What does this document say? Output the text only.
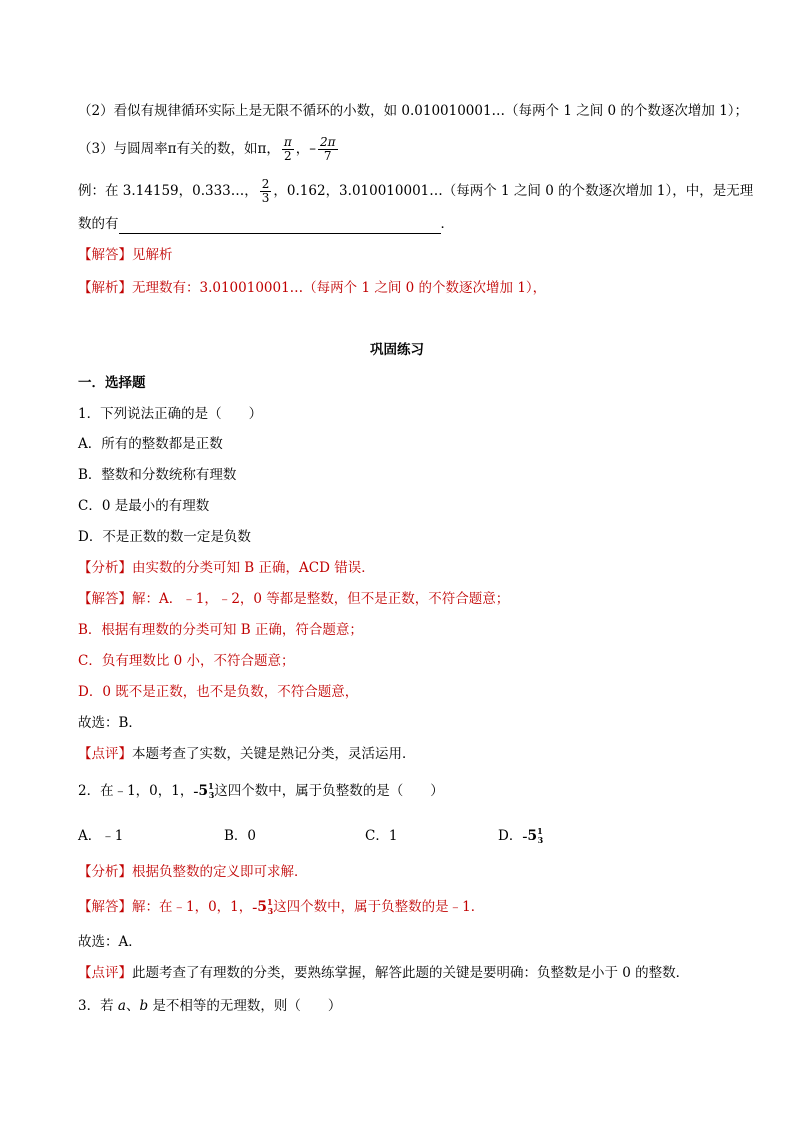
（2）看似有规律循环实际上是无限不循环的小数，如 0.010010001…（每两个 1 之间 0 的个数逐次增加 1）；
（3）与圆周率π有关的数，如π， $\frac{\pi}{2}$ ，– $\frac{2\pi}{7}$
例：在 3.14159，0.333…， $\frac{2}{3}$ ，0.162，3.010010001…（每两个 1 之间 0 的个数逐次增加 1），中，是无理
数的有	．
【解答】见解析
【解析】无理数有：3.010010001…（每两个 1 之间 0 的个数逐次增加 1），
巩固练习
一．选择题
1．下列说法正确的是（　　）
A．所有的整数都是正数
B．整数和分数统称有理数
C．0 是最小的有理数
D．不是正数的数一定是负数
【分析】由实数的分类可知 B 正确，ACD 错误．
【解答】解：A．﹣1，﹣2，0 等都是整数，但不是正数，不符合题意；
B．根据有理数的分类可知 B 正确，符合题意；
C．负有理数比 0 小，不符合题意；
D．0 既不是正数，也不是负数，不符合题意，
故选：B．
【点评】本题考查了实数，关键是熟记分类，灵活运用．
2．在﹣1，0，1，$-5^1_3$这四个数中，属于负整数的是（　　）
A．﹣1	B．0	C．1	D．$-5^1_3$
【分析】根据负整数的定义即可求解．
【解答】解：在﹣1，0，1，$-5^1_3$这四个数中，属于负整数的是﹣1．
故选：A．
【点评】此题考查了有理数的分类，要熟练掌握，解答此题的关键是要明确：负整数是小于 0 的整数．
3．若 a、b 是不相等的无理数，则（　　）
